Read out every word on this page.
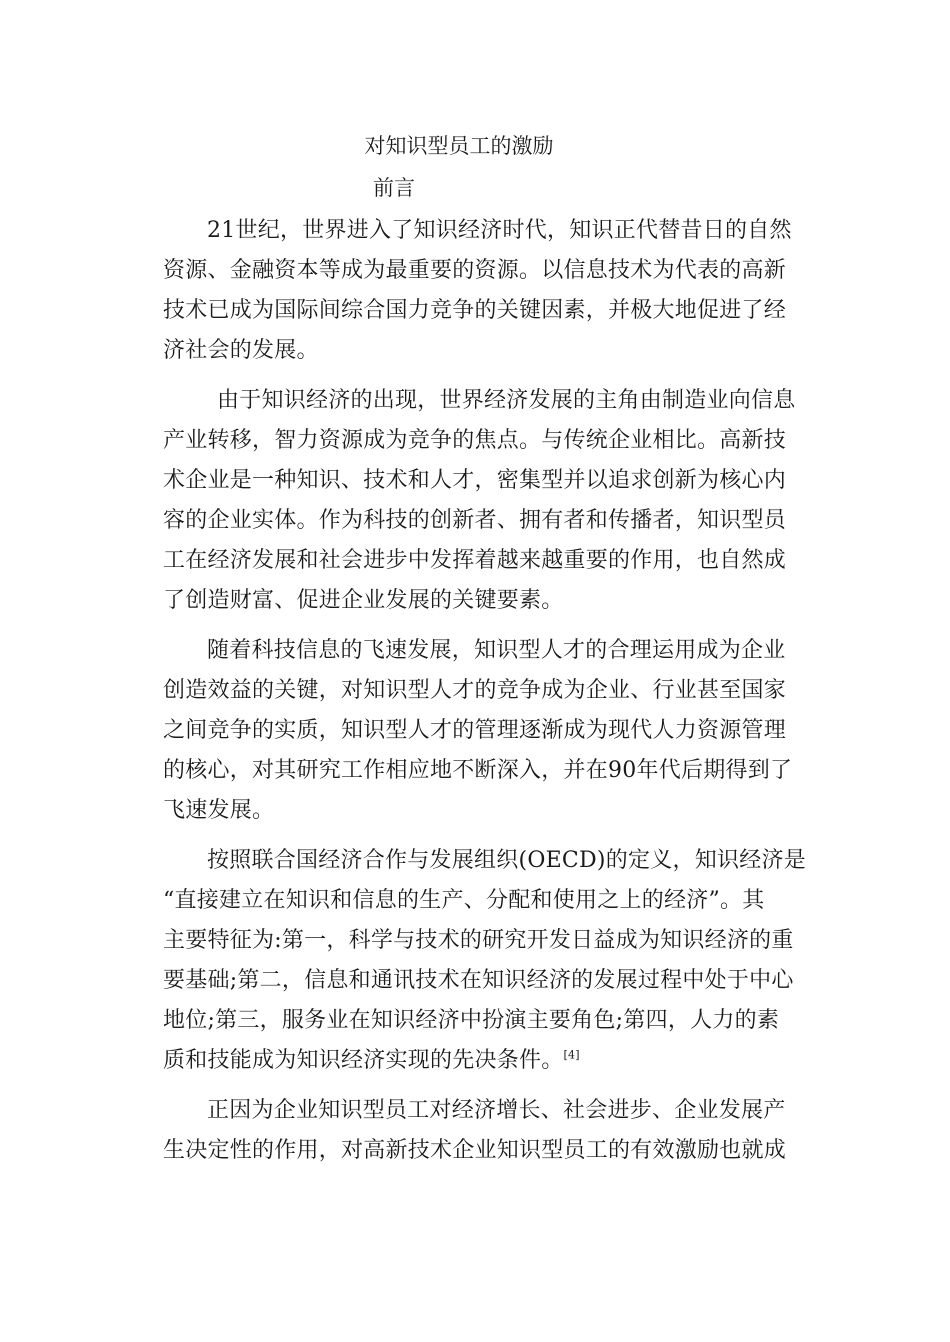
对知识型员工的激励
前言
21世纪，世界进入了知识经济时代，知识正代替昔日的自然
资源、金融资本等成为最重要的资源。以信息技术为代表的高新
技术已成为国际间综合国力竞争的关键因素，并极大地促进了经
济社会的发展。
由于知识经济的出现，世界经济发展的主角由制造业向信息
产业转移，智力资源成为竞争的焦点。与传统企业相比。高新技
术企业是一种知识、技术和人才，密集型并以追求创新为核心内
容的企业实体。作为科技的创新者、拥有者和传播者，知识型员
工在经济发展和社会进步中发挥着越来越重要的作用，也自然成
了创造财富、促进企业发展的关键要素。
随着科技信息的飞速发展，知识型人才的合理运用成为企业
创造效益的关键，对知识型人才的竞争成为企业、行业甚至国家
之间竞争的实质，知识型人才的管理逐渐成为现代人力资源管理
的核心，对其研究工作相应地不断深入，并在90年代后期得到了
飞速发展。
按照联合国经济合作与发展组织(OECD)的定义，知识经济是
“直接建立在知识和信息的生产、分配和使用之上的经济”。其
主要特征为:第一，科学与技术的研究开发日益成为知识经济的重
要基础;第二，信息和通讯技术在知识经济的发展过程中处于中心
地位;第三，服务业在知识经济中扮演主要角色;第四，人力的素
质和技能成为知识经济实现的先决条件。[4]
正因为企业知识型员工对经济增长、社会进步、企业发展产
生决定性的作用，对高新技术企业知识型员工的有效激励也就成
